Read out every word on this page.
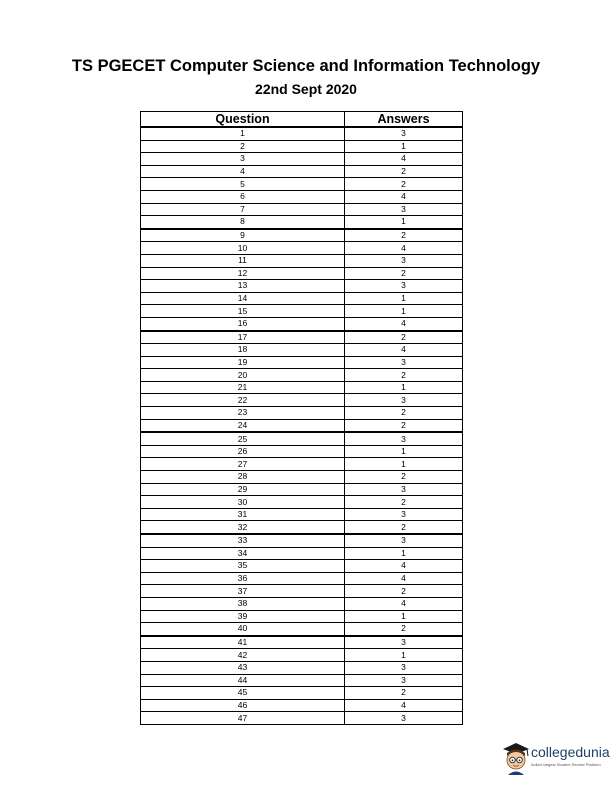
TS PGECET Computer Science and Information Technology
22nd Sept 2020
Question	Answers
1	3
2	1
3	4
4	2
5	2
6	4
7	3
8	1
9	2
10	4
11	3
12	2
13	3
14	1
15	1
16	4
17	2
18	4
19	3
20	2
21	1
22	3
23	2
24	2
25	3
26	1
27	1
28	2
29	3
30	2
31	3
32	2
33	3
34	1
35	4
36	4
37	2
38	4
39	1
40	2
41	3
42	1
43	3
44	3
45	2
46	4
47	3
collegedunia
India's largest Student Review Platform
